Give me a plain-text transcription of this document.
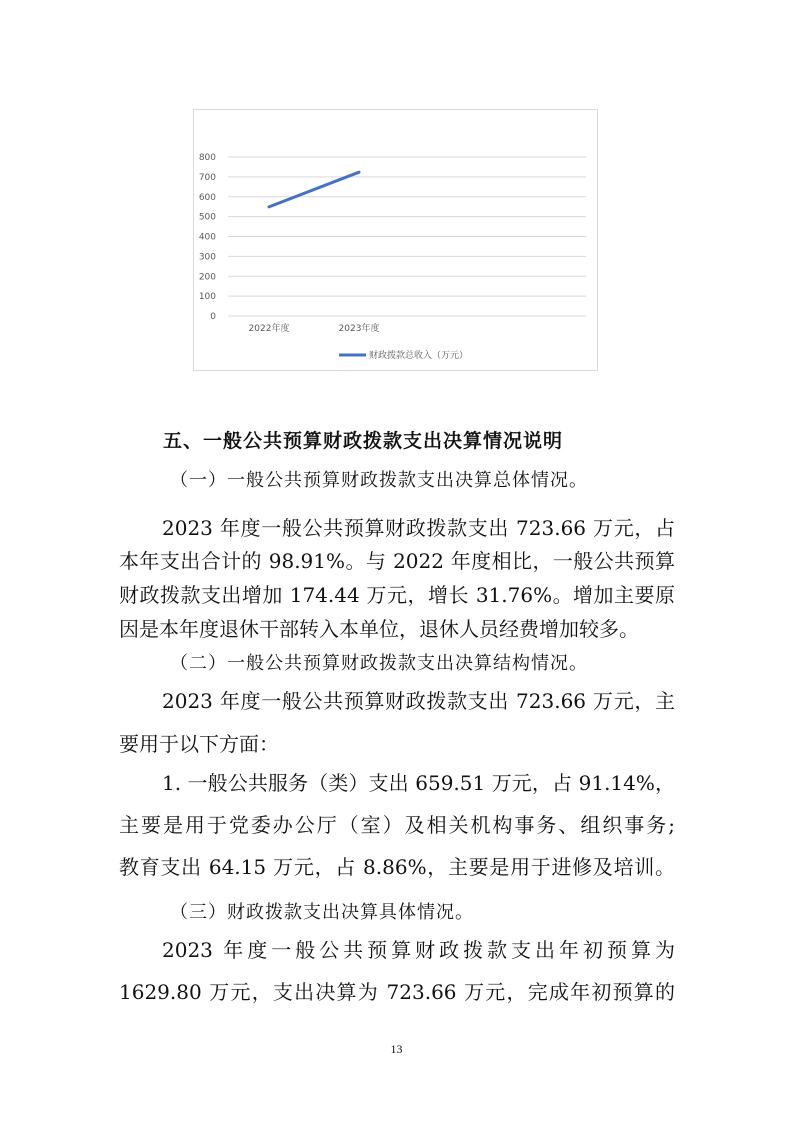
0
100
200
300
400
500
600
700
800
2022年度	2023年度
财政拨款总收入（万元）
五、一般公共预算财政拨款支出决算情况说明
（一）一般公共预算财政拨款支出决算总体情况。
2023 年度一般公共预算财政拨款支出 723.66 万元，占
本年支出合计的 98.91%。与 2022 年度相比，一般公共预算
财政拨款支出增加 174.44 万元，增长 31.76%。增加主要原
因是本年度退休干部转入本单位，退休人员经费增加较多。
（二）一般公共预算财政拨款支出决算结构情况。
2023 年度一般公共预算财政拨款支出 723.66 万元，主
要用于以下方面：
1. 一般公共服务（类）支出 659.51 万元，占 91.14%，
主要是用于党委办公厅（室）及相关机构事务、组织事务;
教育支出 64.15 万元，占 8.86%，主要是用于进修及培训。
（三）财政拨款支出决算具体情况。
2023 年度一般公共预算财政拨款支出年初预算为
1629.80 万元，支出决算为 723.66 万元，完成年初预算的
13
